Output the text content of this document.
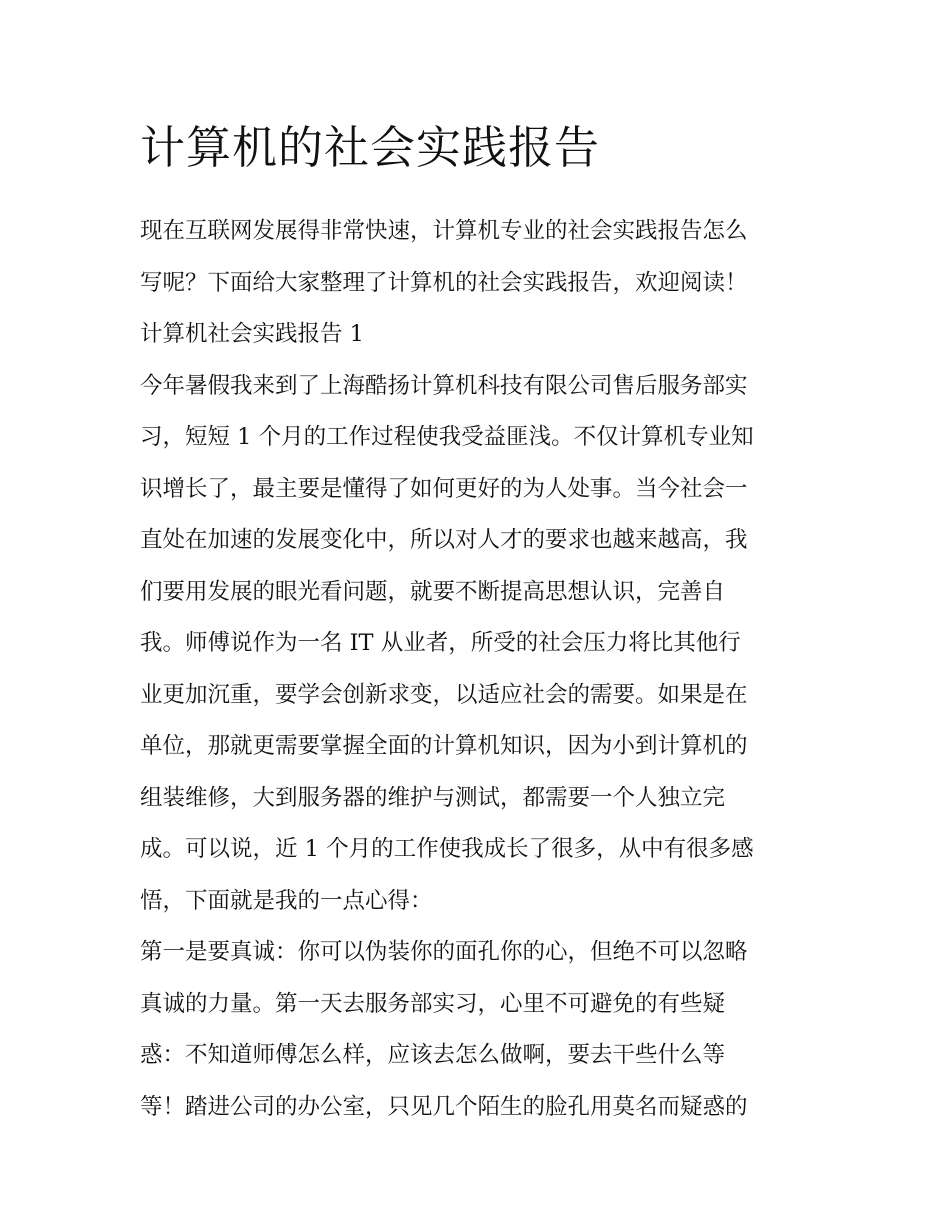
计算机的社会实践报告
现在互联网发展得非常快速，计算机专业的社会实践报告怎么
写呢？下面给大家整理了计算机的社会实践报告，欢迎阅读！
计算机社会实践报告 1
今年暑假我来到了上海酷扬计算机科技有限公司售后服务部实
习，短短 1 个月的工作过程使我受益匪浅。不仅计算机专业知
识增长了，最主要是懂得了如何更好的为人处事。当今社会一
直处在加速的发展变化中，所以对人才的要求也越来越高，我
们要用发展的眼光看问题，就要不断提高思想认识，完善自
我。师傅说作为一名 IT 从业者，所受的社会压力将比其他行
业更加沉重，要学会创新求变，以适应社会的需要。如果是在
单位，那就更需要掌握全面的计算机知识，因为小到计算机的
组装维修，大到服务器的维护与测试，都需要一个人独立完
成。可以说，近 1 个月的工作使我成长了很多，从中有很多感
悟，下面就是我的一点心得：
第一是要真诚：你可以伪装你的面孔你的心，但绝不可以忽略
真诚的力量。第一天去服务部实习，心里不可避免的有些疑
惑：不知道师傅怎么样，应该去怎么做啊，要去干些什么等
等！踏进公司的办公室，只见几个陌生的脸孔用莫名而疑惑的
